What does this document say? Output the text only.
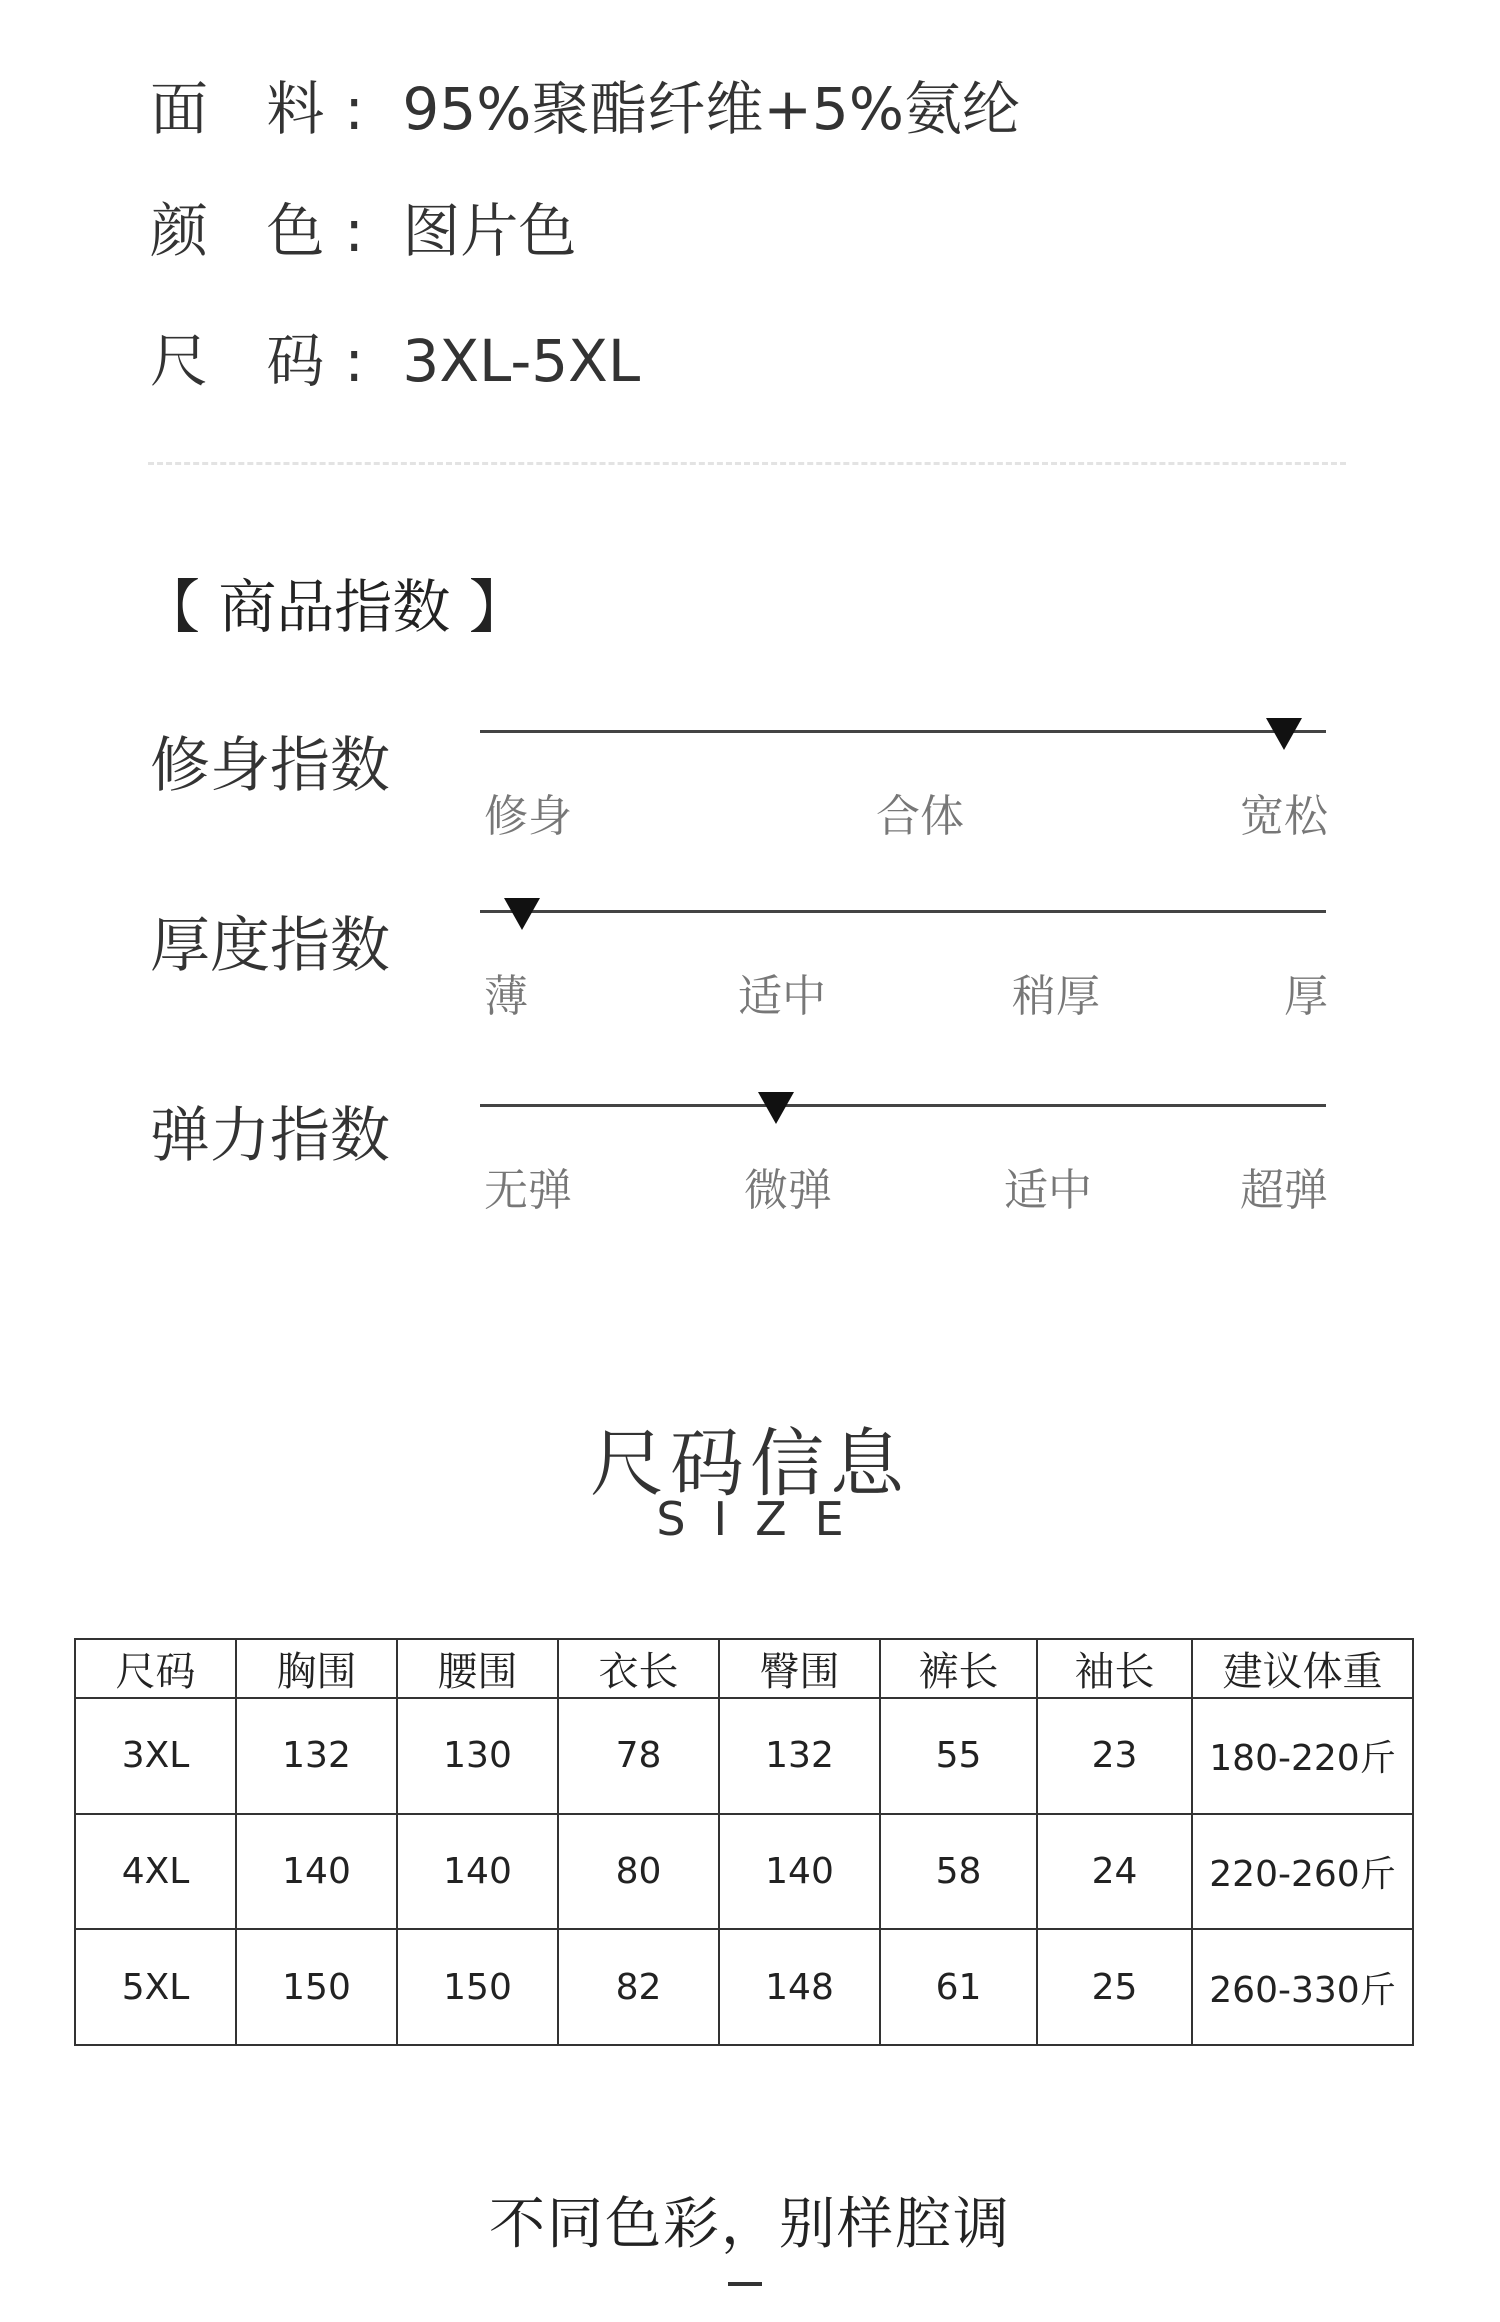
面 料: 95%聚酯纤维+5%氨纶
颜 色: 图片色
尺 码: 3XL-5XL
【 商品指数 】
修身指数
修身	合体	宽松
厚度指数
薄	适中	稍厚	厚
弹力指数
无弹	微弹	适中	超弹
尺码信息
SIZE
尺码	胸围	腰围	衣长	臀围	裤长	袖长	建议体重
3XL	132	130	78	132	55	23	180-220斤
4XL	140	140	80	140	58	24	220-260斤
5XL	150	150	82	148	61	25	260-330斤
不同色彩，别样腔调
